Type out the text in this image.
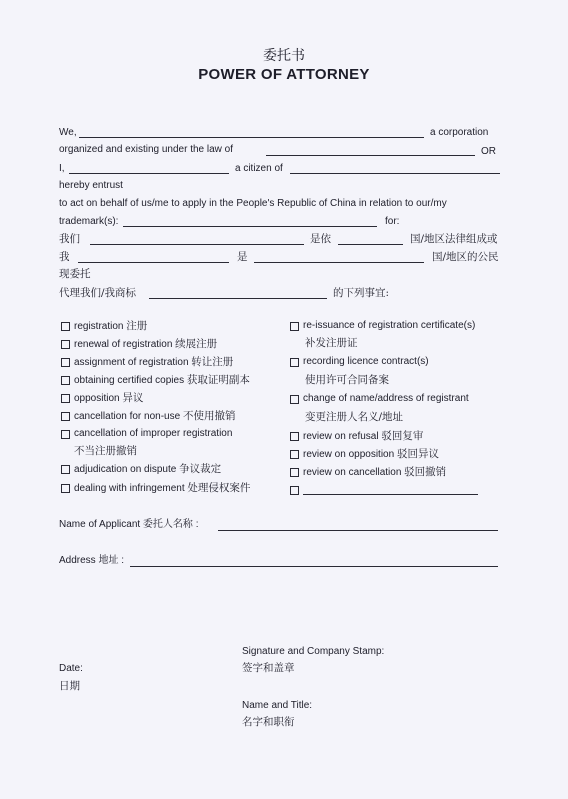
委托书
POWER OF ATTORNEY
We,	a corporation
organized and existing under the law of	OR
I,	a citizen of
hereby entrust
to act on behalf of us/me to apply in the People's Republic of China in relation to our/my
trademark(s):	for:
我们	是依	国/地区法律组成或
我	是	国/地区的公民
现委托
代理我们/我商标	的下列事宜:
registration 注册
renewal of registration 续展注册
assignment of registration 转让注册
obtaining certified copies 获取证明副本
opposition 异议
cancellation for non-use 不使用撤销
cancellation of improper registration
不当注册撤销
adjudication on dispute 争议裁定
dealing with infringement 处理侵权案件
re-issuance of registration certificate(s)
补发注册证
recording licence contract(s)
使用许可合同备案
change of name/address of registrant
变更注册人名义/地址
review on refusal 驳回复审
review on opposition 驳回异议
review on cancellation 驳回撤销
Name of Applicant 委托人名称 :
Address 地址 :
Signature and Company Stamp:
签字和盖章
Date:
日期
Name and Title:
名字和职衔
